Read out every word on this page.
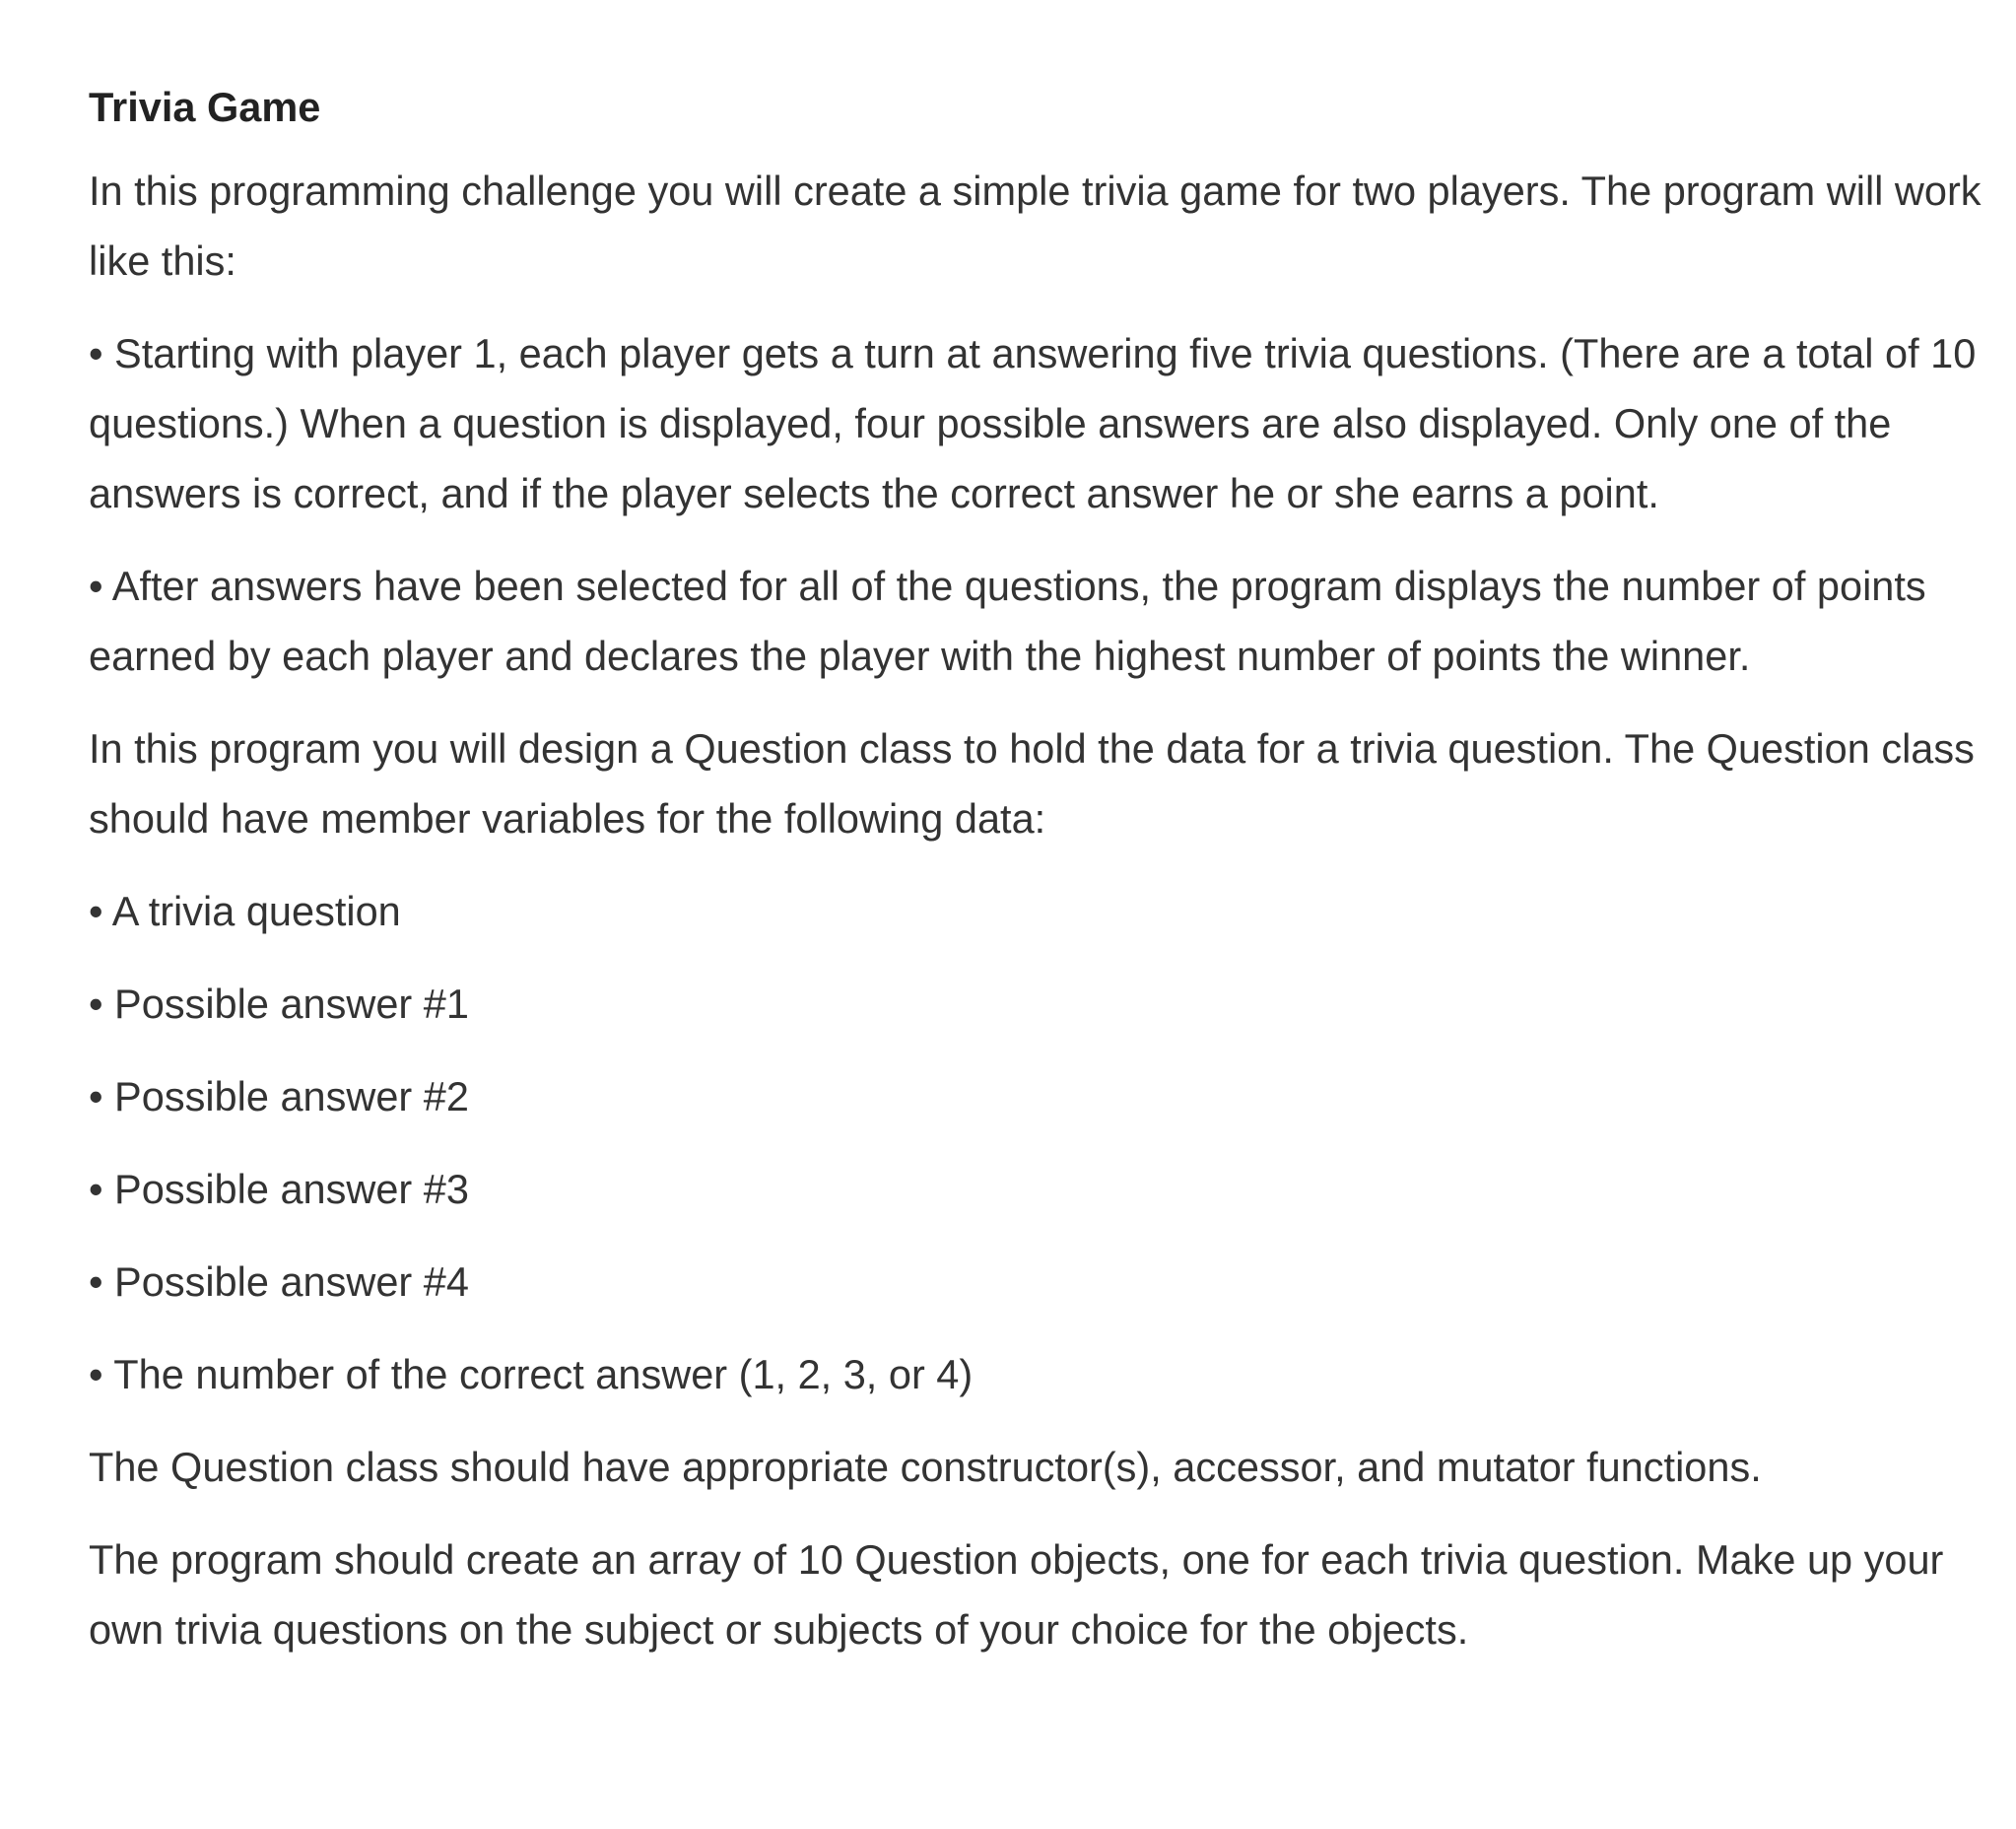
Trivia Game

In this programming challenge you will create a simple trivia game for two players. The program will work like this:

• Starting with player 1, each player gets a turn at answering five trivia questions. (There are a total of 10 questions.) When a question is displayed, four possible answers are also displayed. Only one of the answers is correct, and if the player selects the correct answer he or she earns a point.

• After answers have been selected for all of the questions, the program displays the number of points earned by each player and declares the player with the highest number of points the winner.

In this program you will design a Question class to hold the data for a trivia question. The Question class should have member variables for the following data:

• A trivia question

• Possible answer #1

• Possible answer #2

• Possible answer #3

• Possible answer #4

• The number of the correct answer (1, 2, 3, or 4)

The Question class should have appropriate constructor(s), accessor, and mutator functions.

The program should create an array of 10 Question objects, one for each trivia question. Make up your own trivia questions on the subject or subjects of your choice for the objects.
